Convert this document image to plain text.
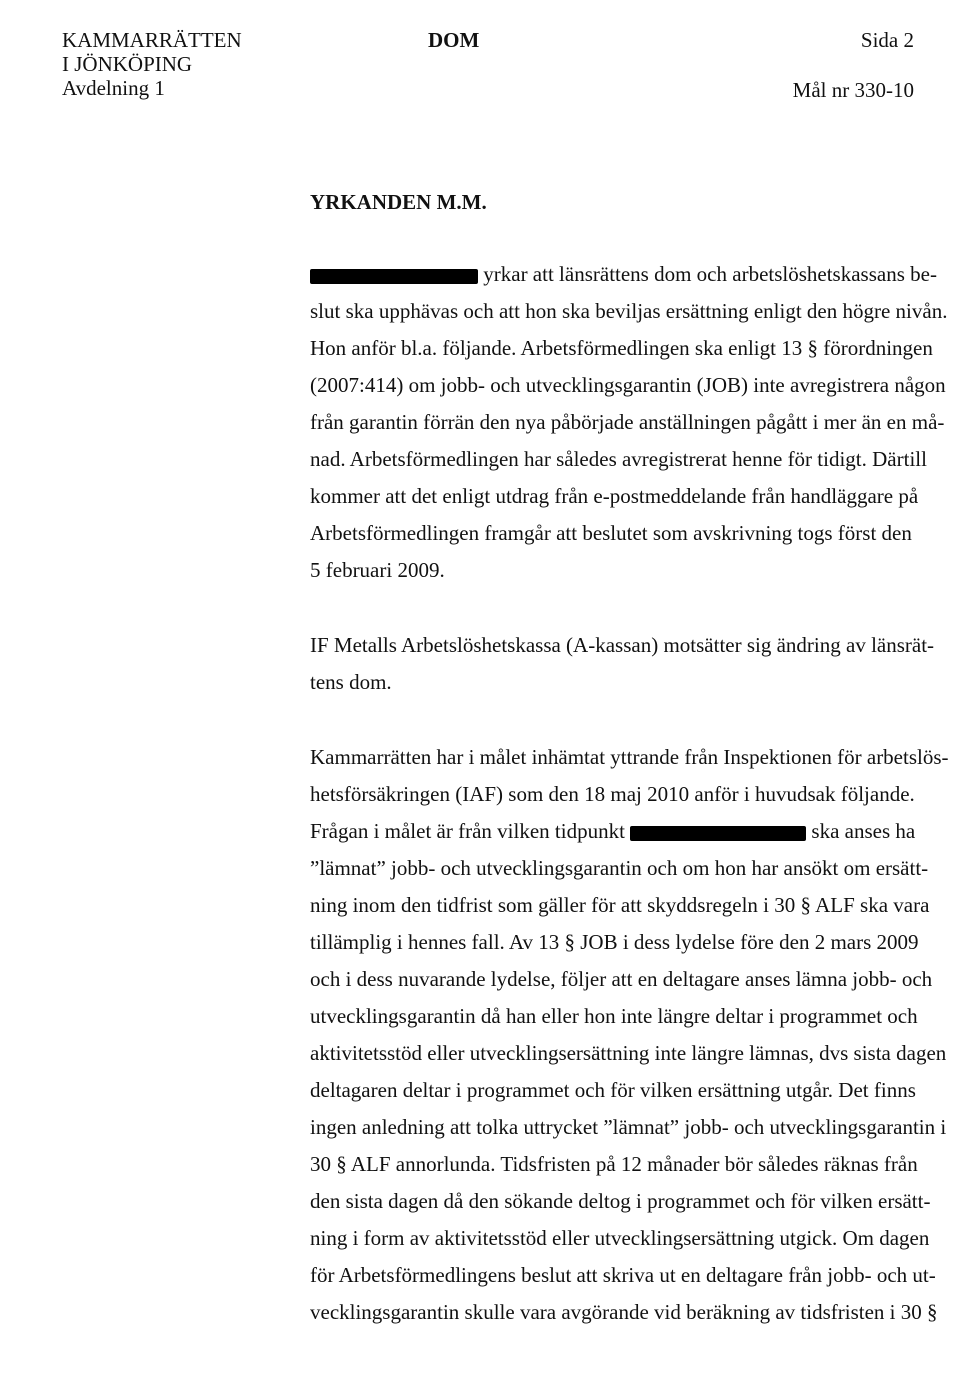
KAMMARRÄTTEN
I JÖNKÖPING
Avdelning 1
DOM	Sida 2
Mål nr 330-10
YRKANDEN M.M.
yrkar att länsrättens dom och arbetslöshetskassans be-
slut ska upphävas och att hon ska beviljas ersättning enligt den högre nivån.
Hon anför bl.a. följande. Arbetsförmedlingen ska enligt 13 § förordningen
(2007:414) om jobb- och utvecklingsgarantin (JOB) inte avregistrera någon
från garantin förrän den nya påbörjade anställningen pågått i mer än en må-
nad. Arbetsförmedlingen har således avregistrerat henne för tidigt. Därtill
kommer att det enligt utdrag från e-postmeddelande från handläggare på
Arbetsförmedlingen framgår att beslutet som avskrivning togs först den
5 februari 2009.
IF Metalls Arbetslöshetskassa (A-kassan) motsätter sig ändring av länsrät-
tens dom.
Kammarrätten har i målet inhämtat yttrande från Inspektionen för arbetslös-
hetsförsäkringen (IAF) som den 18 maj 2010 anför i huvudsak följande.
Frågan i målet är från vilken tidpunkt	ska anses ha
”lämnat” jobb- och utvecklingsgarantin och om hon har ansökt om ersätt-
ning inom den tidfrist som gäller för att skyddsregeln i 30 § ALF ska vara
tillämplig i hennes fall. Av 13 § JOB i dess lydelse före den 2 mars 2009
och i dess nuvarande lydelse, följer att en deltagare anses lämna jobb- och
utvecklingsgarantin då han eller hon inte längre deltar i programmet och
aktivitetsstöd eller utvecklingsersättning inte längre lämnas, dvs sista dagen
deltagaren deltar i programmet och för vilken ersättning utgår. Det finns
ingen anledning att tolka uttrycket ”lämnat” jobb- och utvecklingsgarantin i
30 § ALF annorlunda. Tidsfristen på 12 månader bör således räknas från
den sista dagen då den sökande deltog i programmet och för vilken ersätt-
ning i form av aktivitetsstöd eller utvecklingsersättning utgick. Om dagen
för Arbetsförmedlingens beslut att skriva ut en deltagare från jobb- och ut-
vecklingsgarantin skulle vara avgörande vid beräkning av tidsfristen i 30 §
